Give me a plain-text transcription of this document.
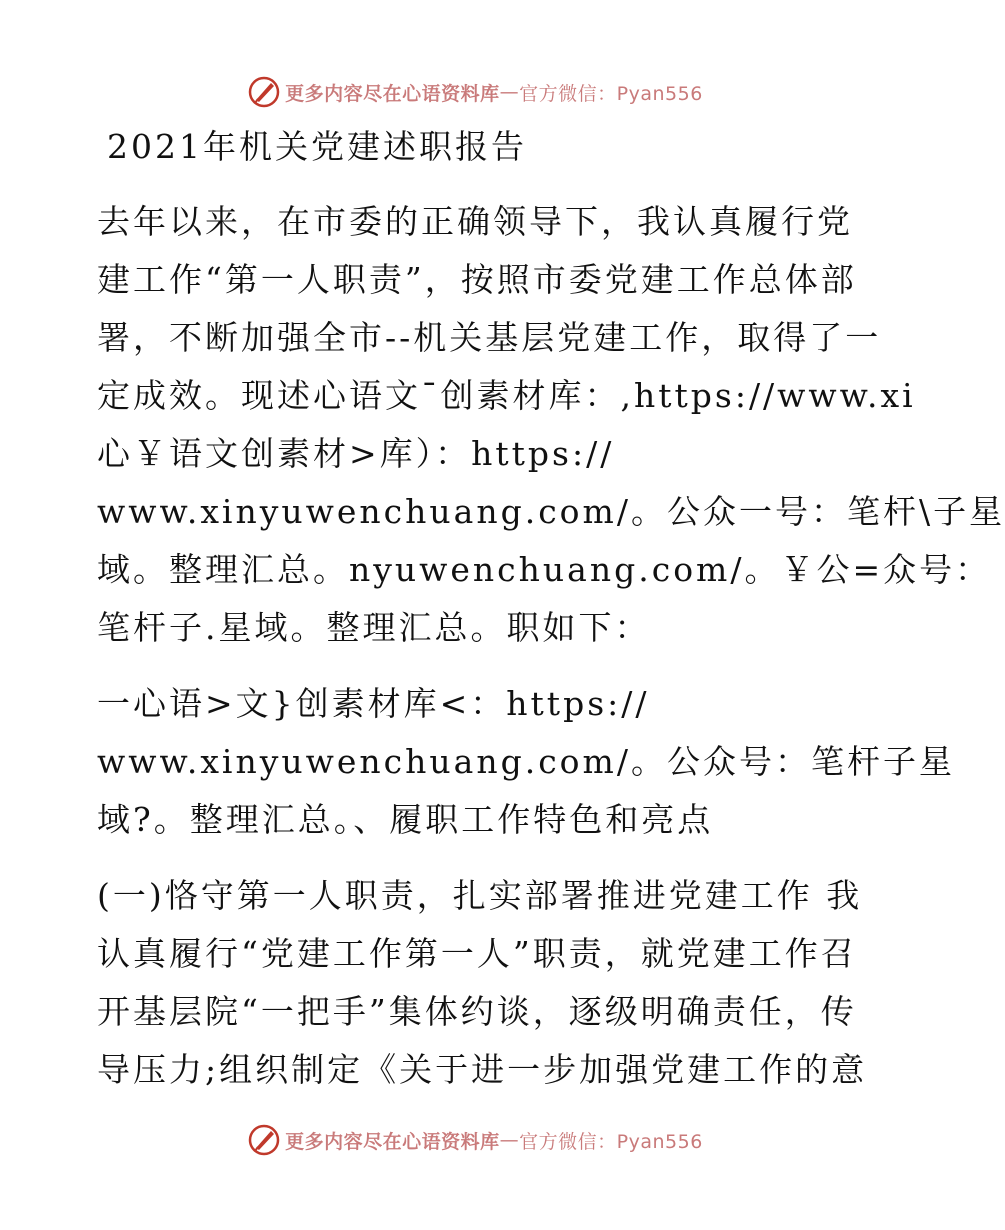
更多内容尽在心语资料库 — 官方微信：Pyan556
2021年机关党建述职报告
去年以来，在市委的正确领导下，我认真履行党
建工作“第一人职责”，按照市委党建工作总体部
署，不断加强全市--机关基层党建工作，取得了一
定成效。现述心语文¯创素材库：,https://www.xi
心￥语文创素材>库）：https://
www.xinyuwenchuang.com/。公众一号：笔杆\子星
域。整理汇总。nyuwenchuang.com/。￥公=众号：
笔杆子.星域。整理汇总。职如下：
一心语>文}创素材库<：https://
www.xinyuwenchuang.com/。公众号：笔杆子星
域?。整理汇总。、履职工作特色和亮点
(一)恪守第一人职责，扎实部署推进党建工作 我
认真履行“党建工作第一人”职责，就党建工作召
开基层院“一把手”集体约谈，逐级明确责任，传
导压力;组织制定《关于进一步加强党建工作的意
更多内容尽在心语资料库 — 官方微信：Pyan556
